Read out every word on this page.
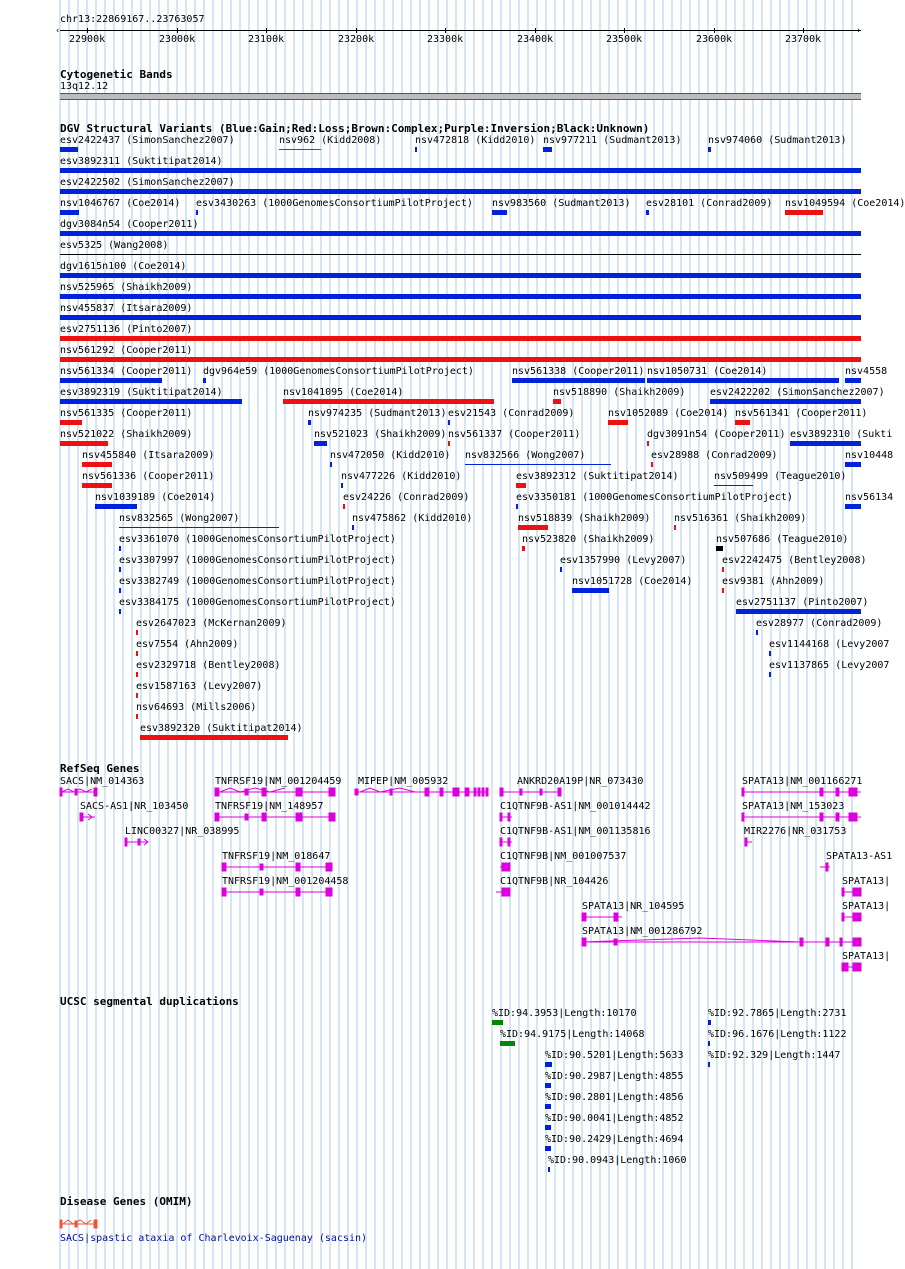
chr13:22869167..23763057
‹	›
22900k	23000k	23100k	23200k	23300k	23400k	23500k	23600k	23700k
Cytogenetic Bands
13q12.12
DGV Structural Variants (Blue:Gain;Red:Loss;Brown:Complex;Purple:Inversion;Black:Unknown)
esv2422437 (SimonSanchez2007)	nsv962 (Kidd2008)	nsv472818 (Kidd2010) nsv977211 (Sudmant2013)	nsv974060 (Sudmant2013)
esv3892311 (Suktitipat2014)
esv2422502 (SimonSanchez2007)
nsv1046767 (Coe2014) esv3430263 (1000GenomesConsortiumPilotProject) nsv983560 (Sudmant2013) esv28101 (Conrad2009) nsv1049594 (Coe2014)
dgv3084n54 (Cooper2011)
esv5325 (Wang2008)
dgv1615n100 (Coe2014)
nsv525965 (Shaikh2009)
nsv455837 (Itsara2009)
esv2751136 (Pinto2007)
nsv561292 (Cooper2011)
nsv561334 (Cooper2011) dgv964e59 (1000GenomesConsortiumPilotProject)	nsv561338 (Cooper2011) nsv1050731 (Coe2014)	nsv4558
esv3892319 (Suktitipat2014)	nsv1041095 (Coe2014)	nsv518890 (Shaikh2009) esv2422202 (SimonSanchez2007)
nsv561335 (Cooper2011)	nsv974235 (Sudmant2013) esv21543 (Conrad2009)	nsv1052089 (Coe2014) nsv561341 (Cooper2011)
nsv521022 (Shaikh2009)	nsv521023 (Shaikh2009) nsv561337 (Cooper2011)	dgv3091n54 (Cooper2011) esv3892310 (Sukti
nsv455840 (Itsara2009)	nsv472050 (Kidd2010) nsv832566 (Wong2007)	esv28988 (Conrad2009)	nsv10448
nsv561336 (Cooper2011)	nsv477226 (Kidd2010)	esv3892312 (Suktitipat2014)	nsv509499 (Teague2010)
nsv1039189 (Coe2014)	esv24226 (Conrad2009)	esv3350181 (1000GenomesConsortiumPilotProject)	nsv56134
nsv832565 (Wong2007)	nsv475862 (Kidd2010)	nsv518839 (Shaikh2009) nsv516361 (Shaikh2009)
esv3361070 (1000GenomesConsortiumPilotProject)	nsv523820 (Shaikh2009)	nsv507686 (Teague2010)
esv3307997 (1000GenomesConsortiumPilotProject)	esv1357990 (Levy2007)	esv2242475 (Bentley2008)
esv3382749 (1000GenomesConsortiumPilotProject)	nsv1051728 (Coe2014)	esv9381 (Ahn2009)
esv3384175 (1000GenomesConsortiumPilotProject)	esv2751137 (Pinto2007)
esv2647023 (McKernan2009)	esv28977 (Conrad2009)
esv7554 (Ahn2009)	esv1144168 (Levy2007
esv2329718 (Bentley2008)	esv1137865 (Levy2007
esv1587163 (Levy2007)
nsv64693 (Mills2006)
esv3892320 (Suktitipat2014)
RefSeq Genes
SACS|NM_014363	TNFRSF19|NM_001204459 MIPEP|NM_005932	ANKRD20A19P|NR_073430	SPATA13|NM_001166271
SACS-AS1|NR_103450	TNFRSF19|NM_148957	C1QTNF9B-AS1|NM_001014442	SPATA13|NM_153023
LINC00327|NR_038995	C1QTNF9B-AS1|NM_001135816	MIR2276|NR_031753
TNFRSF19|NM_018647	C1QTNF9B|NM_001007537	SPATA13-AS1
TNFRSF19|NM_001204458	C1QTNF9B|NR_104426	SPATA13|
SPATA13|NR_104595	SPATA13|
SPATA13|NM_001286792
SPATA13|
UCSC segmental duplications
%ID:94.3953|Length:10170	%ID:92.7865|Length:2731
%ID:94.9175|Length:14068	%ID:96.1676|Length:1122
%ID:90.5201|Length:5633 %ID:92.329|Length:1447
%ID:90.2987|Length:4855
%ID:90.2801|Length:4856
%ID:90.0041|Length:4852
%ID:90.2429|Length:4694
%ID:90.0943|Length:1060
Disease Genes (OMIM)
SACS|spastic ataxia of Charlevoix-Saguenay (sacsin)
